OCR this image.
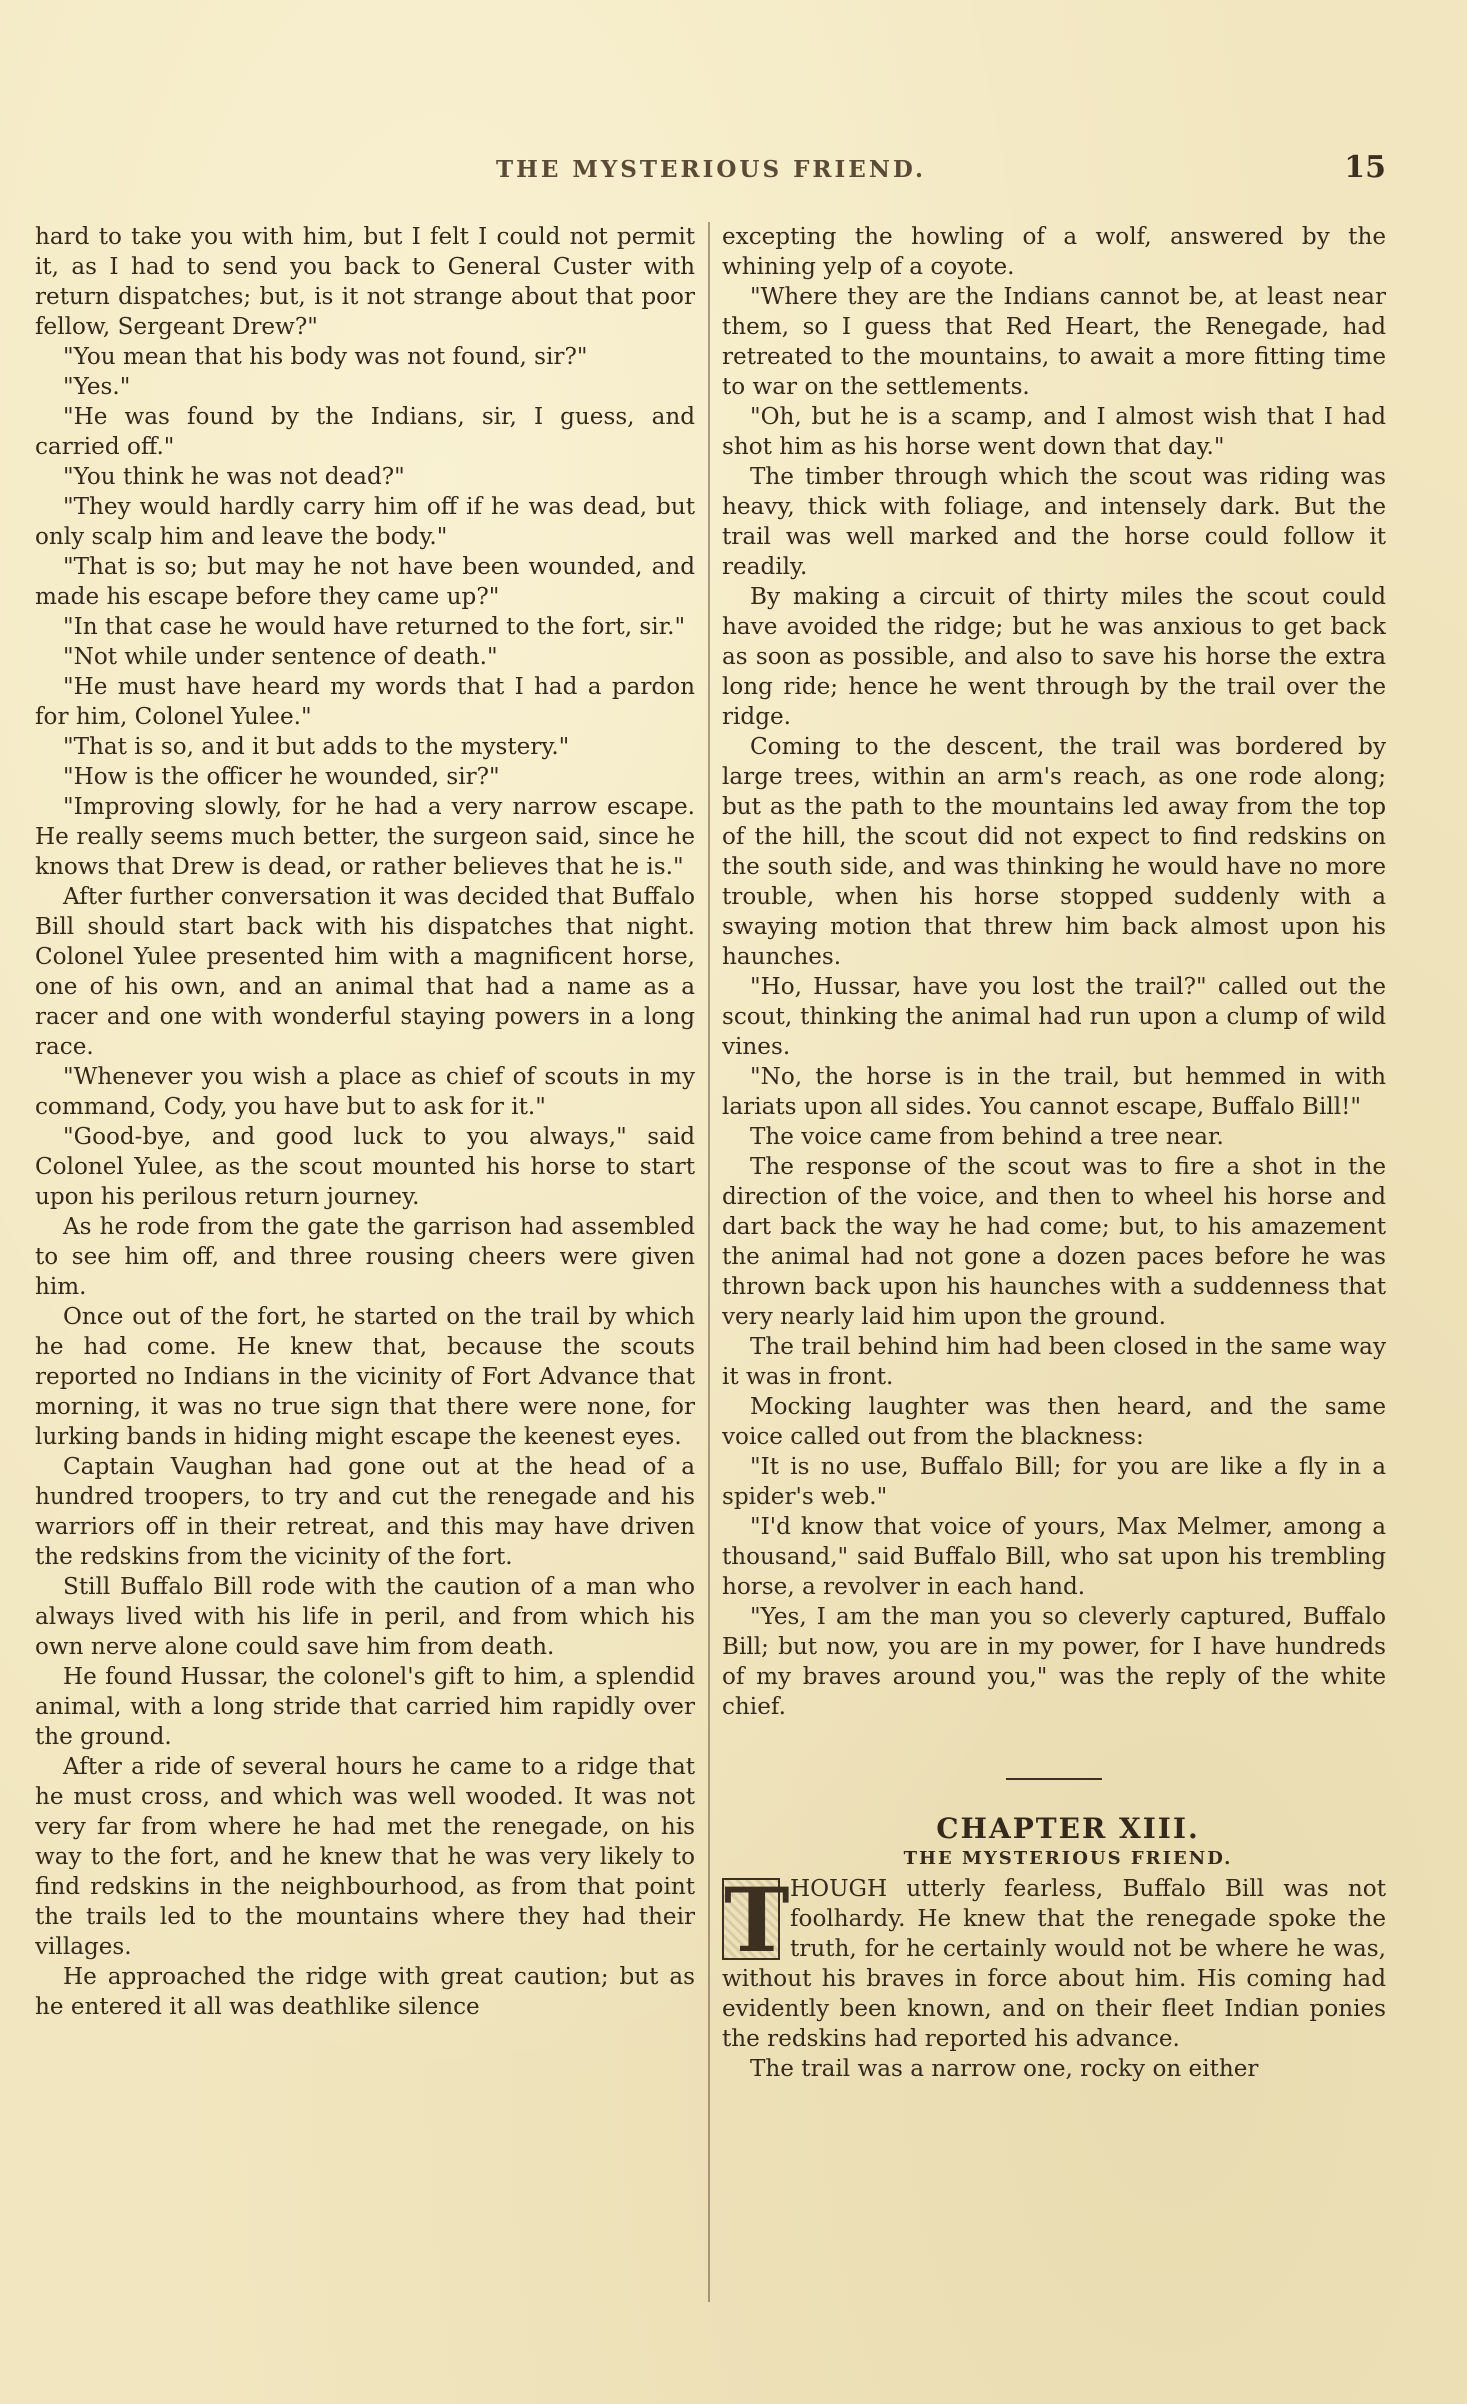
THE MYSTERIOUS FRIEND.	15

hard to take you with him, but I felt I could not permit it, as I had to send you back to General Custer with return dispatches; but, is it not strange about that poor fellow, Sergeant Drew?"

"You mean that his body was not found, sir?"

"Yes."

"He was found by the Indians, sir, I guess, and carried off."

"You think he was not dead?"

"They would hardly carry him off if he was dead, but only scalp him and leave the body."

"That is so; but may he not have been wounded, and made his escape before they came up?"

"In that case he would have returned to the fort, sir."

"Not while under sentence of death."

"He must have heard my words that I had a pardon for him, Colonel Yulee."

"That is so, and it but adds to the mystery."

"How is the officer he wounded, sir?"

"Improving slowly, for he had a very narrow escape. He really seems much better, the surgeon said, since he knows that Drew is dead, or rather believes that he is."

After further conversation it was decided that Buffalo Bill should start back with his dispatches that night. Colonel Yulee presented him with a magnificent horse, one of his own, and an animal that had a name as a racer and one with wonderful staying powers in a long race.

"Whenever you wish a place as chief of scouts in my command, Cody, you have but to ask for it."

"Good-bye, and good luck to you always," said Colonel Yulee, as the scout mounted his horse to start upon his perilous return journey.

As he rode from the gate the garrison had assembled to see him off, and three rousing cheers were given him.

Once out of the fort, he started on the trail by which he had come. He knew that, because the scouts reported no Indians in the vicinity of Fort Advance that morning, it was no true sign that there were none, for lurking bands in hiding might escape the keenest eyes.

Captain Vaughan had gone out at the head of a hundred troopers, to try and cut the renegade and his warriors off in their retreat, and this may have driven the redskins from the vicinity of the fort.

Still Buffalo Bill rode with the caution of a man who always lived with his life in peril, and from which his own nerve alone could save him from death.

He found Hussar, the colonel's gift to him, a splendid animal, with a long stride that carried him rapidly over the ground.

After a ride of several hours he came to a ridge that he must cross, and which was well wooded. It was not very far from where he had met the renegade, on his way to the fort, and he knew that he was very likely to find redskins in the neighbourhood, as from that point the trails led to the mountains where they had their villages.

He approached the ridge with great caution; but as he entered it all was deathlike silence

excepting the howling of a wolf, answered by the whining yelp of a coyote.

"Where they are the Indians cannot be, at least near them, so I guess that Red Heart, the Renegade, had retreated to the mountains, to await a more fitting time to war on the settlements.

"Oh, but he is a scamp, and I almost wish that I had shot him as his horse went down that day."

The timber through which the scout was riding was heavy, thick with foliage, and intensely dark. But the trail was well marked and the horse could follow it readily.

By making a circuit of thirty miles the scout could have avoided the ridge; but he was anxious to get back as soon as possible, and also to save his horse the extra long ride; hence he went through by the trail over the ridge.

Coming to the descent, the trail was bordered by large trees, within an arm's reach, as one rode along; but as the path to the mountains led away from the top of the hill, the scout did not expect to find redskins on the south side, and was thinking he would have no more trouble, when his horse stopped suddenly with a swaying motion that threw him back almost upon his haunches.

"Ho, Hussar, have you lost the trail?" called out the scout, thinking the animal had run upon a clump of wild vines.

"No, the horse is in the trail, but hemmed in with lariats upon all sides. You cannot escape, Buffalo Bill!"

The voice came from behind a tree near.

The response of the scout was to fire a shot in the direction of the voice, and then to wheel his horse and dart back the way he had come; but, to his amazement the animal had not gone a dozen paces before he was thrown back upon his haunches with a suddenness that very nearly laid him upon the ground.

The trail behind him had been closed in the same way it was in front.

Mocking laughter was then heard, and the same voice called out from the blackness:

"It is no use, Buffalo Bill; for you are like a fly in a spider's web."

"I'd know that voice of yours, Max Melmer, among a thousand," said Buffalo Bill, who sat upon his trembling horse, a revolver in each hand.

"Yes, I am the man you so cleverly captured, Buffalo Bill; but now, you are in my power, for I have hundreds of my braves around you," was the reply of the white chief.

CHAPTER XIII.

THE MYSTERIOUS FRIEND.

T HOUGH utterly fearless, Buffalo Bill was not foolhardy. He knew that the renegade spoke the truth, for he certainly would not be where he was, without his braves in force about him. His coming had evidently been known, and on their fleet Indian ponies the redskins had reported his advance.

The trail was a narrow one, rocky on either
